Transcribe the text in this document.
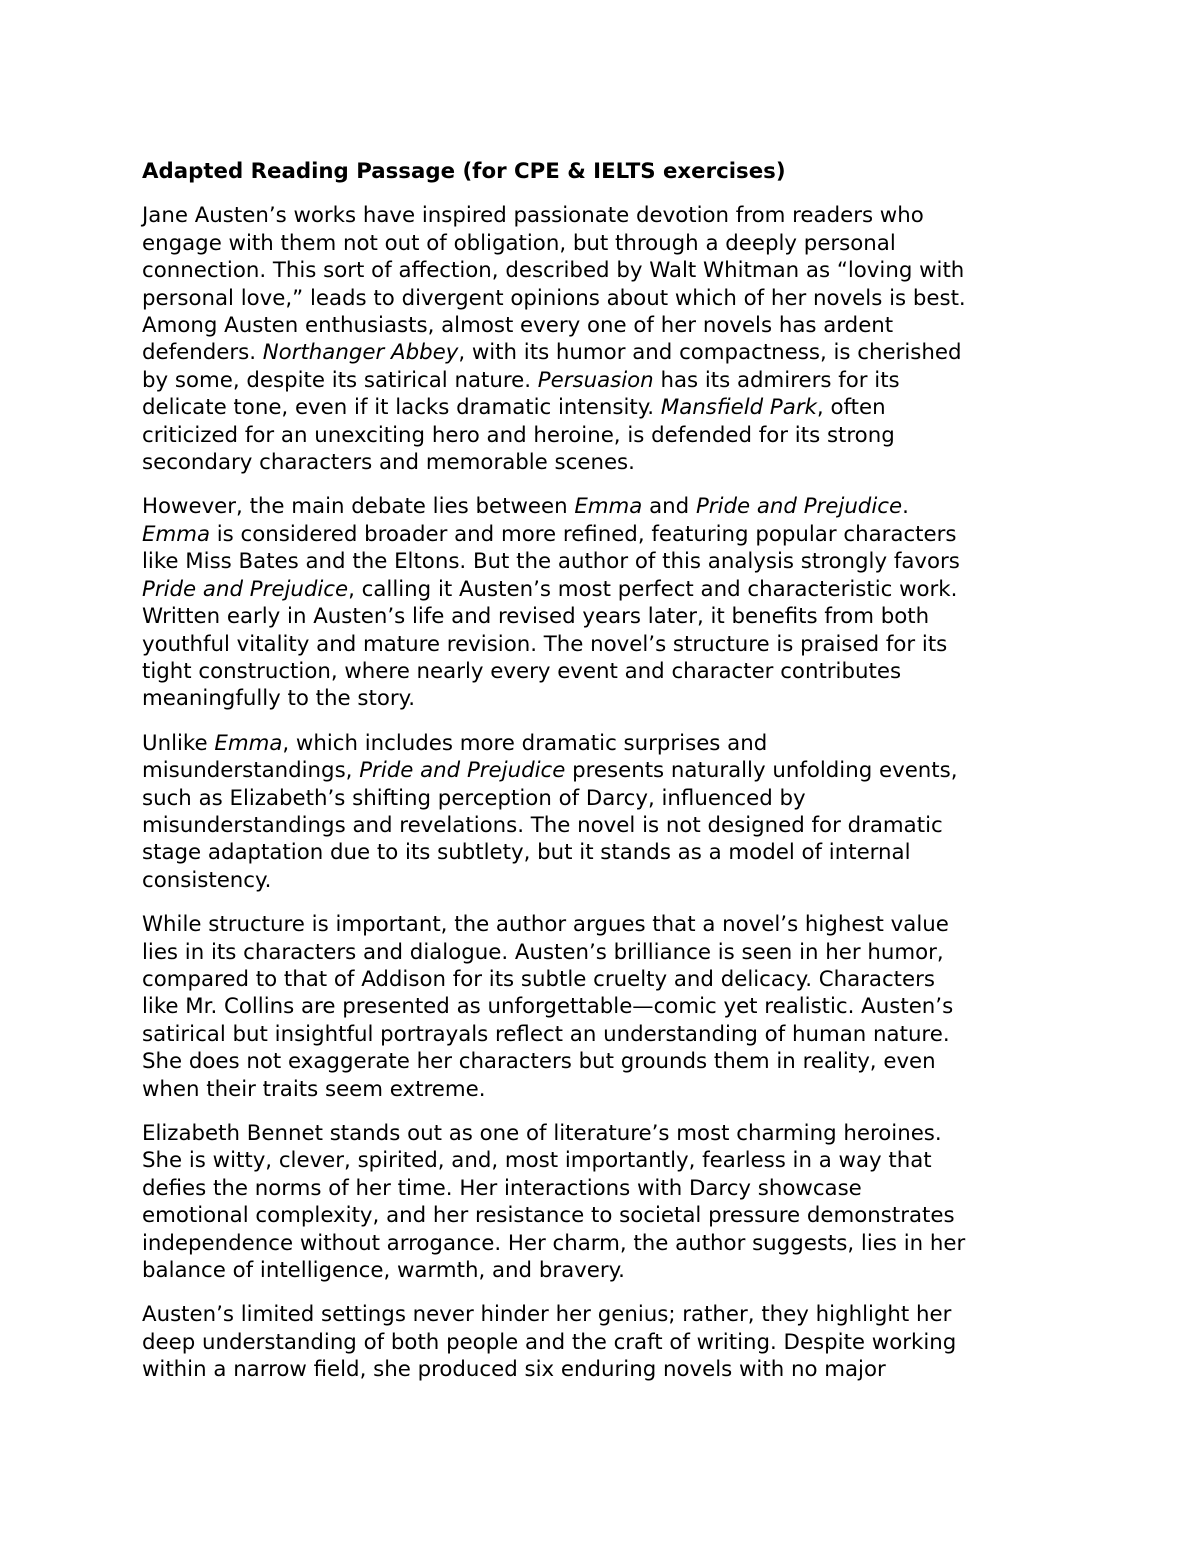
Adapted Reading Passage (for CPE & IELTS exercises)
Jane Austen’s works have inspired passionate devotion from readers who
engage with them not out of obligation, but through a deeply personal
connection. This sort of affection, described by Walt Whitman as “loving with
personal love,” leads to divergent opinions about which of her novels is best.
Among Austen enthusiasts, almost every one of her novels has ardent
defenders. Northanger Abbey, with its humor and compactness, is cherished
by some, despite its satirical nature. Persuasion has its admirers for its
delicate tone, even if it lacks dramatic intensity. Mansfield Park, often
criticized for an unexciting hero and heroine, is defended for its strong
secondary characters and memorable scenes.
However, the main debate lies between Emma and Pride and Prejudice.
Emma is considered broader and more refined, featuring popular characters
like Miss Bates and the Eltons. But the author of this analysis strongly favors
Pride and Prejudice, calling it Austen’s most perfect and characteristic work.
Written early in Austen’s life and revised years later, it benefits from both
youthful vitality and mature revision. The novel’s structure is praised for its
tight construction, where nearly every event and character contributes
meaningfully to the story.
Unlike Emma, which includes more dramatic surprises and
misunderstandings, Pride and Prejudice presents naturally unfolding events,
such as Elizabeth’s shifting perception of Darcy, influenced by
misunderstandings and revelations. The novel is not designed for dramatic
stage adaptation due to its subtlety, but it stands as a model of internal
consistency.
While structure is important, the author argues that a novel’s highest value
lies in its characters and dialogue. Austen’s brilliance is seen in her humor,
compared to that of Addison for its subtle cruelty and delicacy. Characters
like Mr. Collins are presented as unforgettable—comic yet realistic. Austen’s
satirical but insightful portrayals reflect an understanding of human nature.
She does not exaggerate her characters but grounds them in reality, even
when their traits seem extreme.
Elizabeth Bennet stands out as one of literature’s most charming heroines.
She is witty, clever, spirited, and, most importantly, fearless in a way that
defies the norms of her time. Her interactions with Darcy showcase
emotional complexity, and her resistance to societal pressure demonstrates
independence without arrogance. Her charm, the author suggests, lies in her
balance of intelligence, warmth, and bravery.
Austen’s limited settings never hinder her genius; rather, they highlight her
deep understanding of both people and the craft of writing. Despite working
within a narrow field, she produced six enduring novels with no major
